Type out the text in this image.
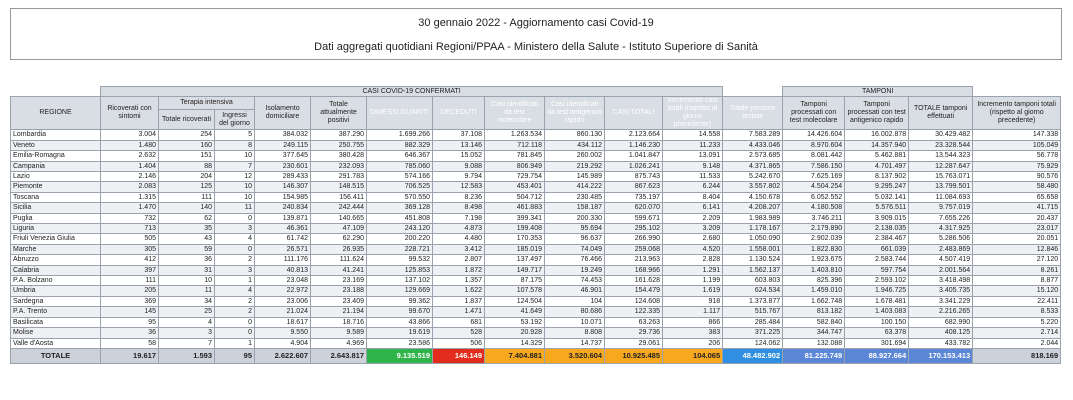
30 gennaio 2022 - Aggiornamento casi Covid-19
Dati aggregati quotidiani Regioni/PPAA - Ministero della Salute - Istituto Superiore di Sanità
	CASI COVID-19 CONFERMATI												TAMPONI			
REGIONE	Ricoverati con sintomi	Terapia intensiva		Isolamento domiciliare	Totale attualmente positivi	DIMESSI GUARITI	DECEDUTI	Casi identificati da test molecolare	Casi identificati da test antigenico rapido	CASI TOTALI	Incremento casi totali (rispetto al giorno precedente)	Totale persone testate	Tamponi processati con test molecolare	Tamponi processati con test antigenico rapido	TOTALE tamponi effettuati	Incremento tamponi totali (rispetto al giorno precedente)
		Totale ricoverati	Ingressi del giorno													
Lombardia	3.004	254	5	384.032	387.290	1.699.266	37.108	1.263.534	860.130	2.123.664	14.558	7.583.289	14.426.604	16.002.878	30.429.482	147.338
Veneto	1.480	160	8	249.115	250.755	882.329	13.146	712.118	434.112	1.146.230	11.233	4.433.046	8.970.604	14.357.940	23.328.544	105.049
Emilia-Romagna	2.632	151	10	377.645	380.428	646.367	15.052	781.845	260.002	1.041.847	13.091	2.573.685	8.081.442	5.462.881	13.544.323	56.778
Campania	1.404	88	7	230.601	232.093	785.060	9.088	806.949	219.292	1.026.241	9.148	4.371.865	7.586.150	4.701.497	12.287.647	75.929
Lazio	2.146	204	12	289.433	291.783	574.166	9.794	729.754	145.989	875.743	11.533	5.242.670	7.625.169	8.137.902	15.763.071	90.576
Piemonte	2.083	125	10	146.307	148.515	706.525	12.583	453.401	414.222	867.623	6.244	3.557.802	4.504.254	9.295.247	13.799.501	58.480
Toscana	1.315	111	10	154.985	156.411	570.550	8.236	504.712	230.485	735.197	8.404	4.150.678	6.052.552	5.032.141	11.084.693	65.658
Sicilia	1.470	140	11	240.834	242.444	369.128	8.498	461.883	158.187	620.070	6.141	4.208.207	4.180.508	5.576.511	9.757.019	41.715
Puglia	732	62	0	139.871	140.665	451.808	7.198	399.341	200.330	599.671	2.209	1.983.989	3.746.211	3.909.015	7.655.226	20.437
Liguria	713	35	3	46.361	47.109	243.120	4.873	199.408	95.694	295.102	3.209	1.178.167	2.179.890	2.138.035	4.317.925	23.017
Friuli Venezia Giulia	505	43	4	61.742	62.290	200.220	4.480	170.353	96.637	266.990	2.680	1.050.090	2.902.039	2.384.467	5.286.506	20.051
Marche	305	59	0	26.571	26.935	228.721	3.412	185.019	74.049	259.068	4.520	1.558.001	1.822.830	661.039	2.483.869	12.846
Abruzzo	412	36	2	111.176	111.624	99.532	2.807	137.497	76.466	213.963	2.828	1.130.524	1.923.675	2.583.744	4.507.419	27.120
Calabria	397	31	3	40.813	41.241	125.853	1.872	149.717	19.249	168.966	1.291	1.562.137	1.403.810	597.754	2.001.564	8.261
P.A. Bolzano	111	10	1	23.048	23.169	137.102	1.357	87.175	74.453	161.628	1.199	603.803	825.396	2.593.102	3.418.498	8.877
Umbria	205	11	4	22.972	23.188	129.669	1.622	107.578	46.901	154.479	1.619	624.534	1.459.010	1.946.725	3.405.735	15.120
Sardegna	369	34	2	23.006	23.409	99.362	1.837	124.504	104	124.608	918	1.373.877	1.662.748	1.678.481	3.341.229	22.411
P.A. Trento	145	25	2	21.024	21.194	99.670	1.471	41.649	80.686	122.335	1.117	515.767	813.182	1.403.083	2.216.265	8.533
Basilicata	95	4	0	18.617	18.716	43.866	681	53.192	10.071	63.263	866	285.484	582.840	100.150	682.990	5.220
Molise	36	3	0	9.550	9.589	19.619	528	20.928	8.808	29.736	383	371.225	344.747	63.378	408.125	2.714
Valle d'Aosta	58	7	1	4.904	4.969	23.586	506	14.329	14.737	29.061	206	124.062	132.088	301.694	433.782	2.044
TOTALE	19.617	1.593	95	2.622.607	2.643.817	9.135.519	146.149	7.404.881	3.520.604	10.925.485	104.065	48.482.902	81.225.749	88.927.664	170.153.413	818.169
